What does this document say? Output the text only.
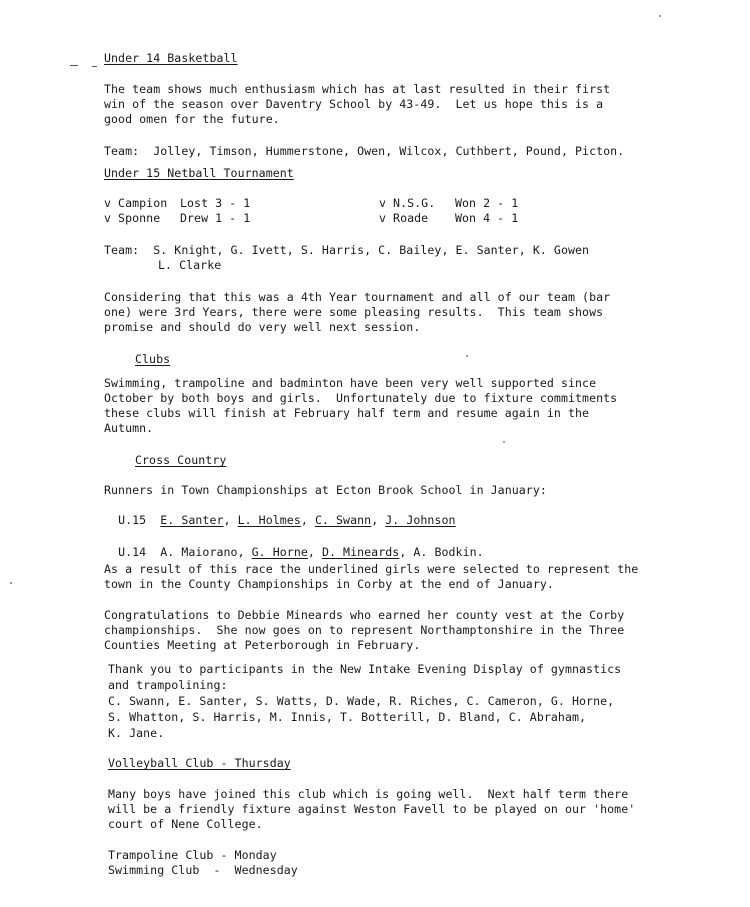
Under 14 Basketball
The team shows much enthusiasm which has at last resulted in their first
win of the season over Daventry School by 43-49.  Let us hope this is a
good omen for the future.
Team:  Jolley, Timson, Hummerstone, Owen, Wilcox, Cuthbert, Pound, Picton.
Under 15 Netball Tournament
v Campion Lost 3 - 1
v Sponne Drew 1 - 1
v N.S.G. Won 2 - 1
v Roade Won 4 - 1
Team:  S. Knight, G. Ivett, S. Harris, C. Bailey, E. Santer, K. Gowen
L. Clarke
Considering that this was a 4th Year tournament and all of our team (bar
one) were 3rd Years, there were some pleasing results.  This team shows
promise and should do very well next session.
Clubs
Swimming, trampoline and badminton have been very well supported since
October by both boys and girls.  Unfortunately due to fixture commitments
these clubs will finish at February half term and resume again in the
Autumn.
Cross Country
Runners in Town Championships at Ecton Brook School in January:

U.15 E. Santer, L. Holmes, C. Swann, J. Johnson

U.14 A. Maiorano, G. Horne, D. Mineards, A. Bodkin.

As a result of this race the underlined girls were selected to represent the
town in the County Championships in Corby at the end of January.
Congratulations to Debbie Mineards who earned her county vest at the Corby
championships.  She now goes on to represent Northamptonshire in the Three
Counties Meeting at Peterborough in February.
Thank you to participants in the New Intake Evening Display of gymnastics
and trampolining:
C. Swann, E. Santer, S. Watts, D. Wade, R. Riches, C. Cameron, G. Horne,
S. Whatton, S. Harris, M. Innis, T. Botterill, D. Bland, C. Abraham,
K. Jane.
Volleyball Club - Thursday
Many boys have joined this club which is going well.  Next half term there
will be a friendly fixture against Weston Favell to be played on our 'home'
court of Nene College.
Trampoline Club - Monday
Swimming Club  -  Wednesday
